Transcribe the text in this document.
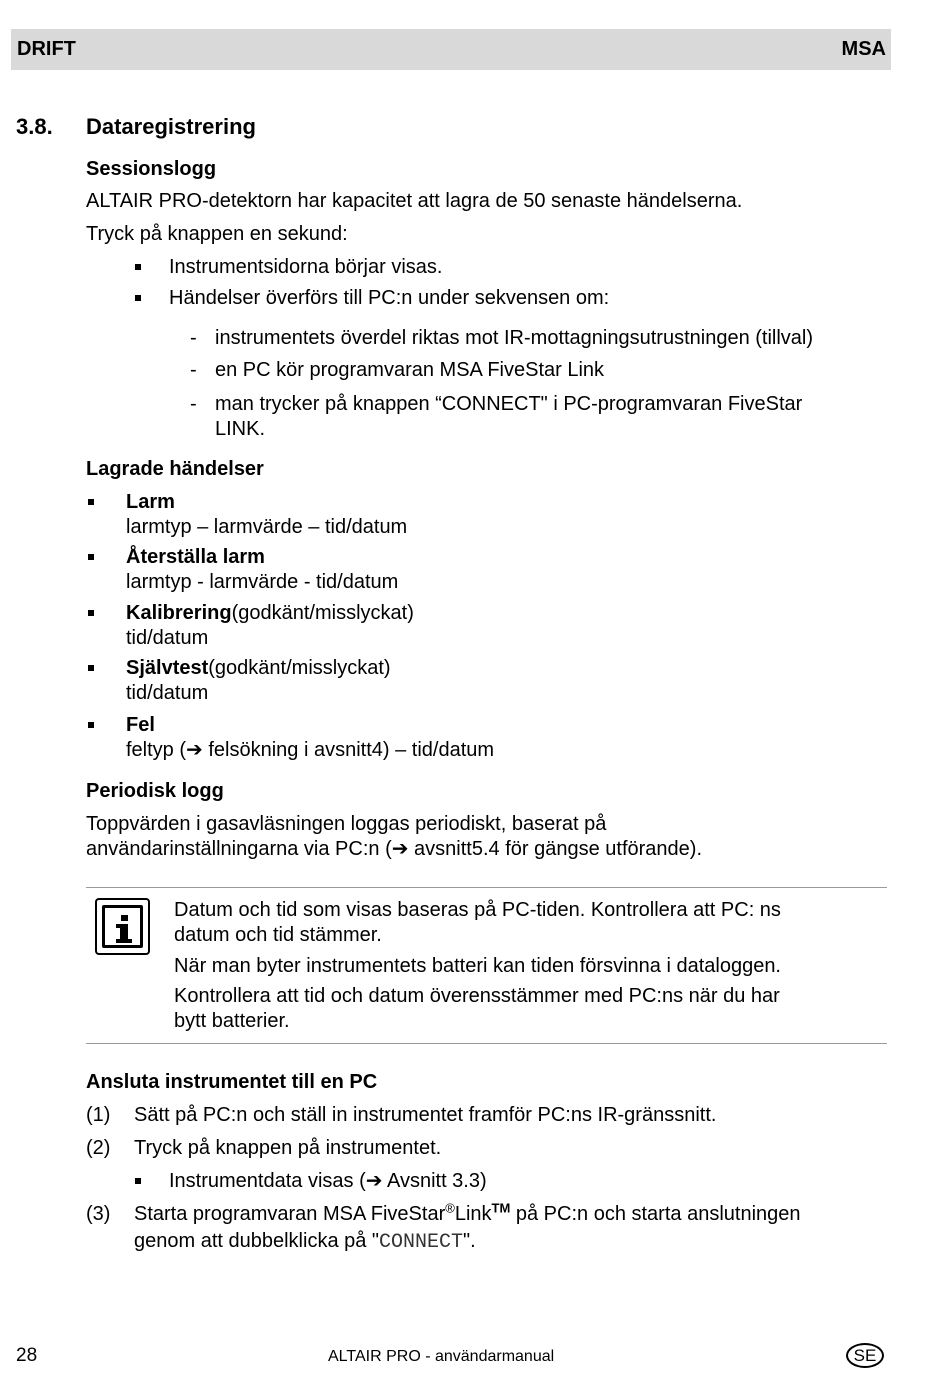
DRIFT	MSA
3.8. Dataregistrering
Sessionslogg
ALTAIR PRO-detektorn har kapacitet att lagra de 50 senaste händelserna.
Tryck på knappen en sekund:
Instrumentsidorna börjar visas.
Händelser överförs till PC:n under sekvensen om:
- instrumentets överdel riktas mot IR-mottagningsutrustningen (tillval)
- en PC kör programvaran MSA FiveStar Link
- man trycker på knappen “CONNECT" i PC-programvaran FiveStar
LINK.
Lagrade händelser
Larm
larmtyp – larmvärde – tid/datum
Återställa larm
larmtyp - larmvärde - tid/datum
Kalibrering(godkänt/misslyckat)
tid/datum
Självtest(godkänt/misslyckat)
tid/datum
Fel
feltyp (➔ felsökning i avsnitt4) – tid/datum
Periodisk logg
Toppvärden i gasavläsningen loggas periodiskt, baserat på
användarinställningarna via PC:n (➔ avsnitt5.4 för gängse utförande).
Datum och tid som visas baseras på PC-tiden. Kontrollera att PC: ns
datum och tid stämmer.
När man byter instrumentets batteri kan tiden försvinna i dataloggen.
Kontrollera att tid och datum överensstämmer med PC:ns när du har
bytt batterier.
Ansluta instrumentet till en PC
(1) Sätt på PC:n och ställ in instrumentet framför PC:ns IR-gränssnitt.
(2) Tryck på knappen på instrumentet.
Instrumentdata visas (➔ Avsnitt 3.3)
(3) Starta programvaran MSA FiveStar®Link™ på PC:n och starta anslutningen
genom att dubbelklicka på "CONNECT".
28	ALTAIR PRO - användarmanual	SE
